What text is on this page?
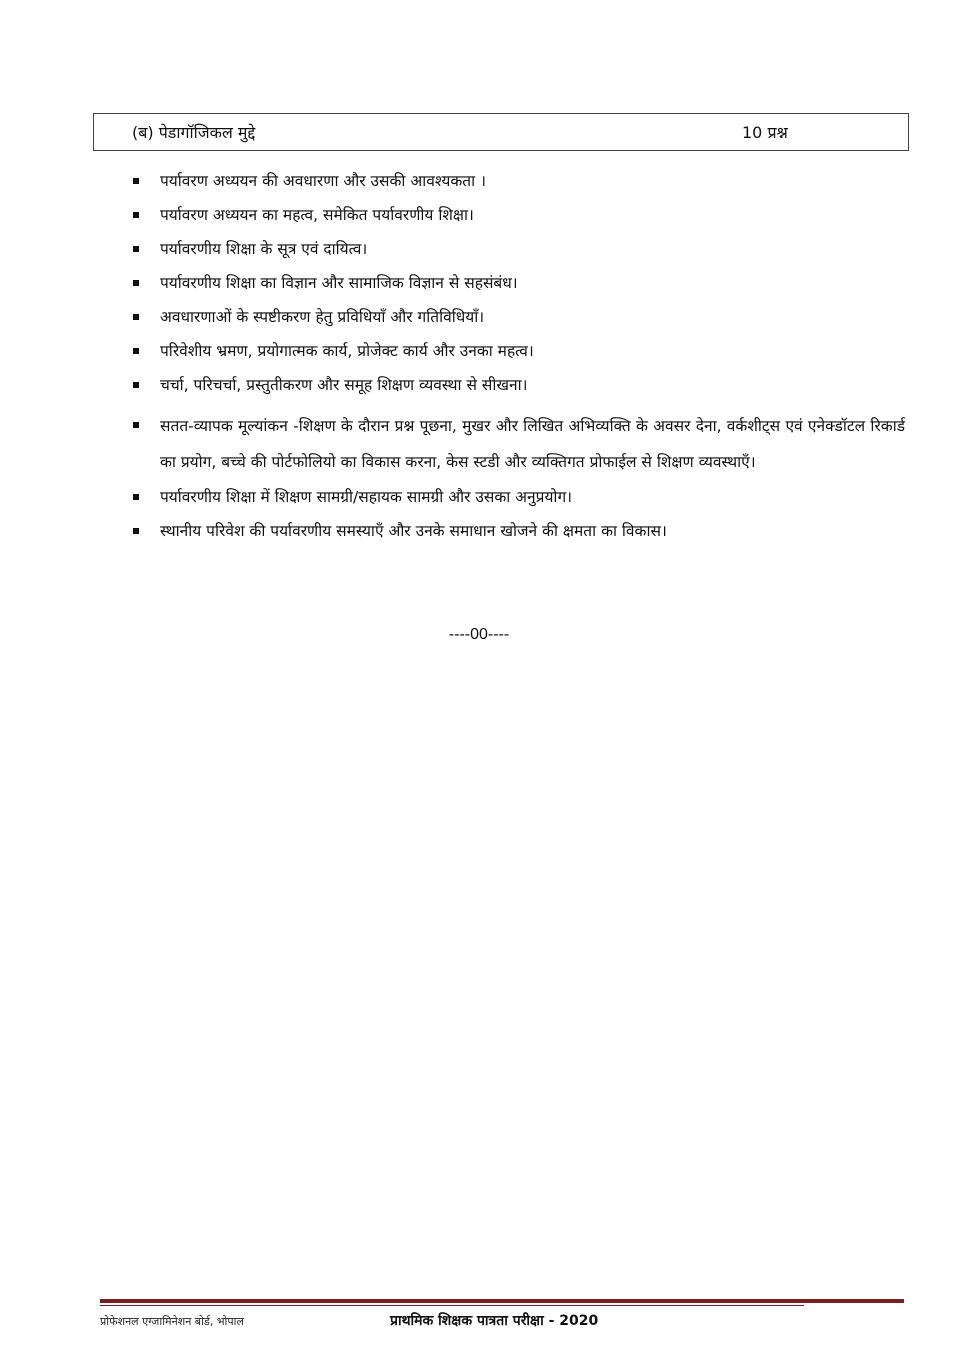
(ब) पेडागॉजिकल मुद्दे	10 प्रश्न
पर्यावरण अध्ययन की अवधारणा और उसकी आवश्यकता ।
पर्यावरण अध्ययन का महत्व, समेकित पर्यावरणीय शिक्षा।
पर्यावरणीय शिक्षा के सूत्र एवं दायित्व।
पर्यावरणीय शिक्षा का विज्ञान और सामाजिक विज्ञान से सहसंबंध।
अवधारणाओं के स्पष्टीकरण हेतु प्रविधियाँ और गतिविधियाँ।
परिवेशीय भ्रमण, प्रयोगात्मक कार्य, प्रोजेक्ट कार्य और उनका महत्व।
चर्चा, परिचर्चा, प्रस्तुतीकरण और समूह शिक्षण व्यवस्था से सीखना।
सतत-व्यापक मूल्यांकन -शिक्षण के दौरान प्रश्न पूछना, मुखर और लिखित अभिव्यक्ति के अवसर देना, वर्कशीट्स एवं एनेक्डॉटल रिकार्ड का प्रयोग, बच्चे की पोर्टफोलियो का विकास करना, केस स्टडी और व्यक्तिगत प्रोफाईल से शिक्षण व्यवस्थाएँ।
पर्यावरणीय शिक्षा में शिक्षण सामग्री/सहायक सामग्री और उसका अनुप्रयोग।
स्थानीय परिवेश की पर्यावरणीय समस्याएँ और उनके समाधान खोजने की क्षमता का विकास।
----00----
प्रोफेशनल एग्जामिनेशन बोर्ड, भोपाल	प्राथमिक शिक्षक पात्रता परीक्षा - 2020
